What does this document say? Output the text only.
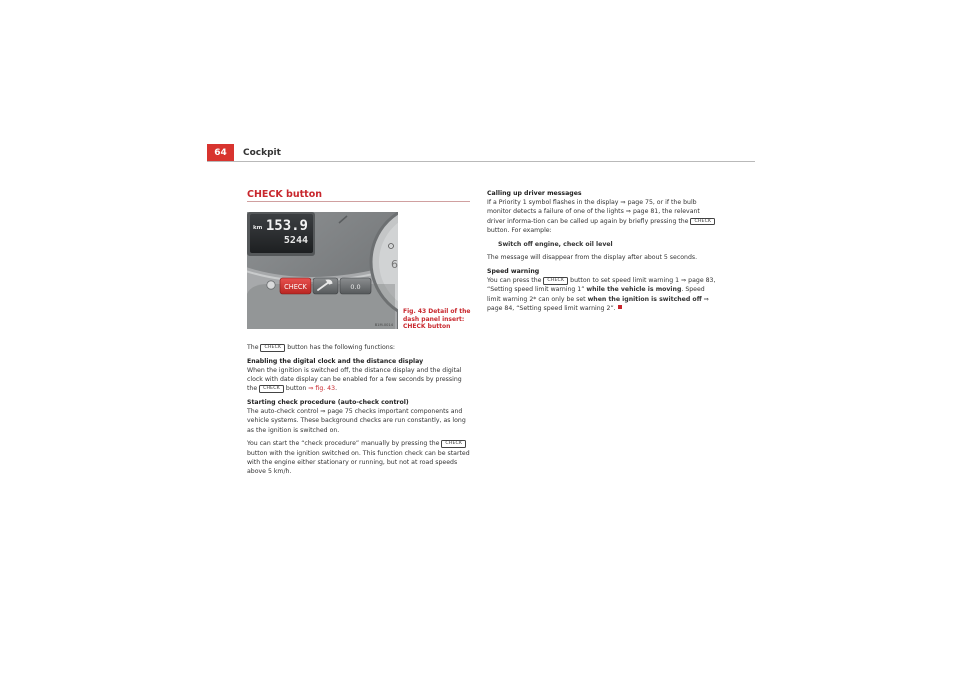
64	Cockpit
CHECK button
6
km 153.9
5244
CHECK	0.0
B1M-0014
Fig. 43 Detail of the dash panel insert: CHECK button

The CHECK button has the following functions:

Enabling the digital clock and the distance display

When the ignition is switched off, the distance display and the digital clock with date display can be enabled for a few seconds by pressing the CHECK button ⇒ fig. 43.

Starting check procedure (auto-check control)

The auto-check control ⇒ page 75 checks important components and vehicle systems. These background checks are run constantly, as long as the ignition is switched on.

You can start the “check procedure” manually by pressing the CHECK button with the ignition switched on. This function check can be started with the engine either stationary or running, but not at road speeds above 5 km/h.

Calling up driver messages

If a Priority 1 symbol flashes in the display ⇒ page 75, or if the bulb monitor detects a failure of one of the lights ⇒ page 81, the relevant driver informa-tion can be called up again by briefly pressing the CHECK button. For example:

Switch off engine, check oil level

The message will disappear from the display after about 5 seconds.

Speed warning

You can press the CHECK button to set speed limit warning 1 ⇒ page 83, “Setting speed limit warning 1” while the vehicle is moving. Speed limit warning 2* can only be set when the ignition is switched off ⇒ page 84, “Setting speed limit warning 2”.
